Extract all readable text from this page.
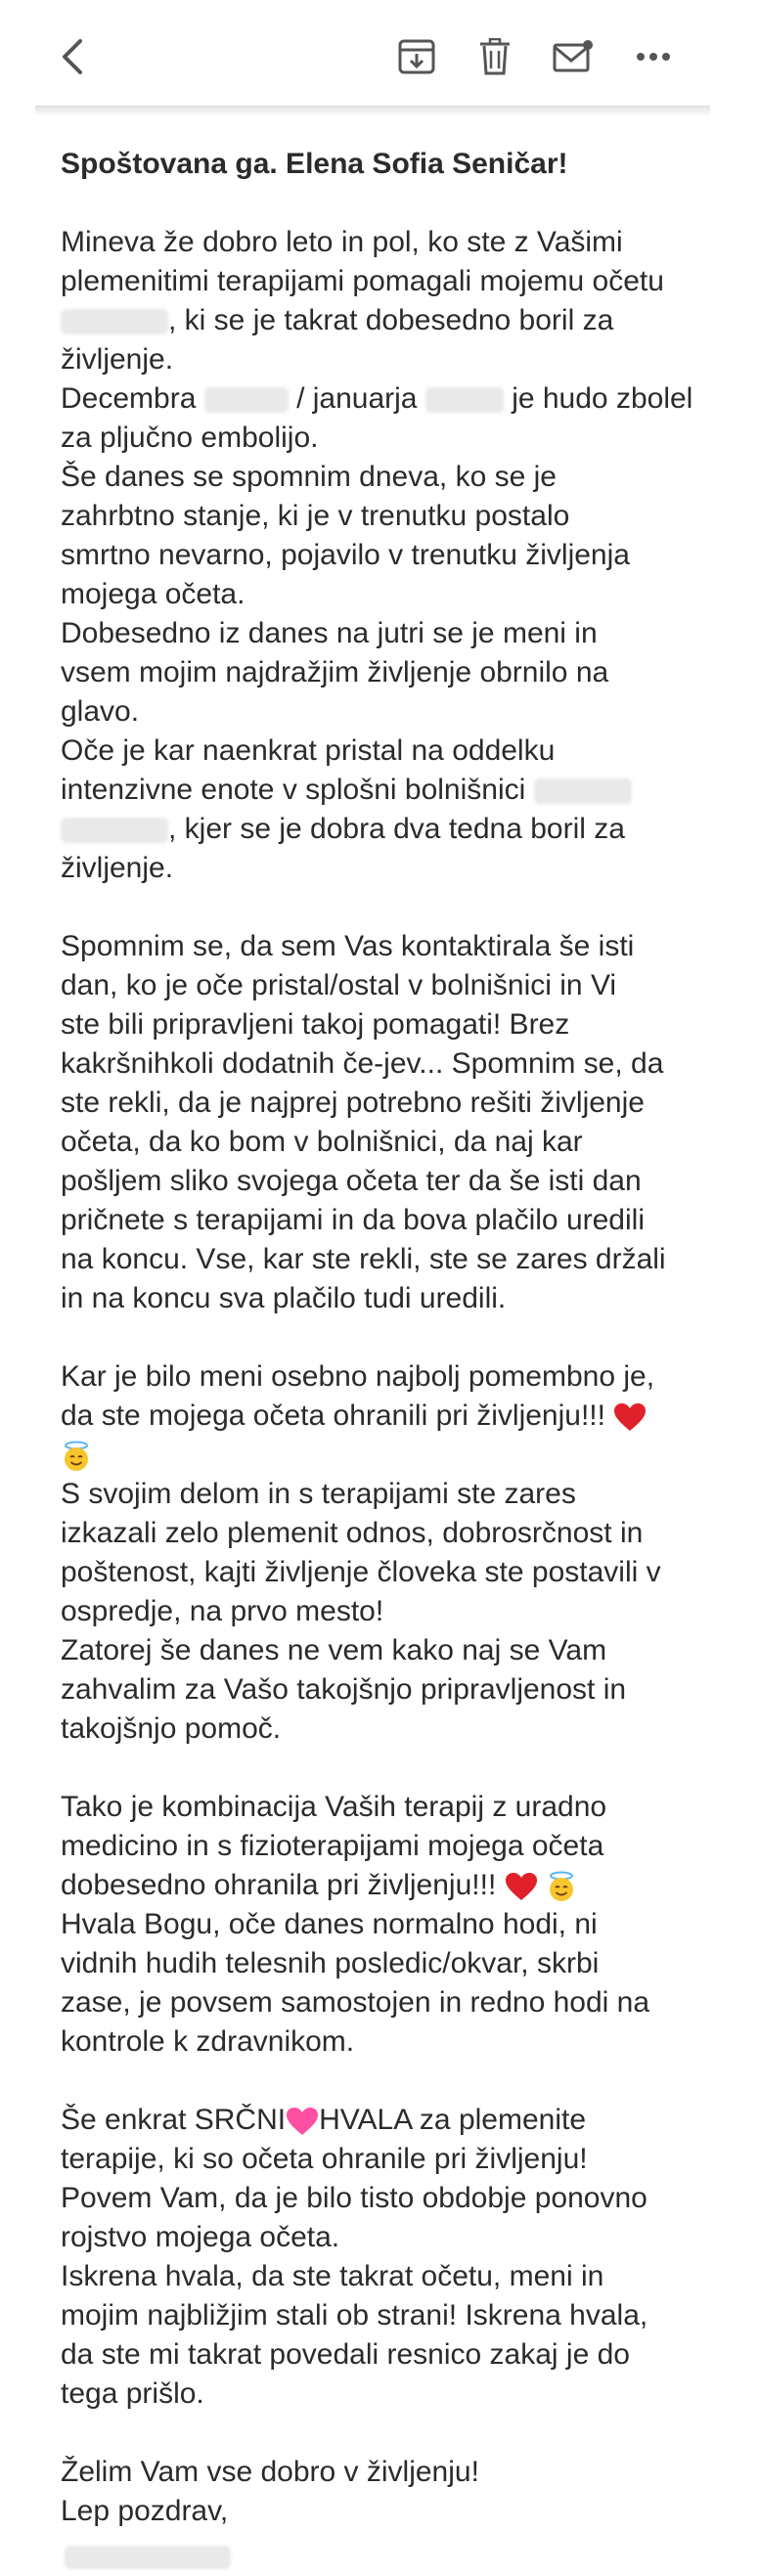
Spoštovana ga. Elena Sofia Seničar!
Mineva že dobro leto in pol, ko ste z Vašimi
plemenitimi terapijami pomagali mojemu očetu
, ki se je takrat dobesedno boril za
življenje.
Decembra	/ januarja	je hudo zbolel
za pljučno embolijo.
Še danes se spomnim dneva, ko se je
zahrbtno stanje, ki je v trenutku postalo
smrtno nevarno, pojavilo v trenutku življenja
mojega očeta.
Dobesedno iz danes na jutri se je meni in
vsem mojim najdražjim življenje obrnilo na
glavo.
Oče je kar naenkrat pristal na oddelku
intenzivne enote v splošni bolnišnici
, kjer se je dobra dva tedna boril za
življenje.
Spomnim se, da sem Vas kontaktirala še isti
dan, ko je oče pristal/ostal v bolnišnici in Vi
ste bili pripravljeni takoj pomagati! Brez
kakršnihkoli dodatnih če-jev... Spomnim se, da
ste rekli, da je najprej potrebno rešiti življenje
očeta, da ko bom v bolnišnici, da naj kar
pošljem sliko svojega očeta ter da še isti dan
pričnete s terapijami in da bova plačilo uredili
na koncu. Vse, kar ste rekli, ste se zares držali
in na koncu sva plačilo tudi uredili.
Kar je bilo meni osebno najbolj pomembno je,
da ste mojega očeta ohranili pri življenju!!!
S svojim delom in s terapijami ste zares
izkazali zelo plemenit odnos, dobrosrčnost in
poštenost, kajti življenje človeka ste postavili v
ospredje, na prvo mesto!
Zatorej še danes ne vem kako naj se Vam
zahvalim za Vašo takojšnjo pripravljenost in
takojšnjo pomoč.
Tako je kombinacija Vaših terapij z uradno
medicino in s fizioterapijami mojega očeta
dobesedno ohranila pri življenju!!!
Hvala Bogu, oče danes normalno hodi, ni
vidnih hudih telesnih posledic/okvar, skrbi
zase, je povsem samostojen in redno hodi na
kontrole k zdravnikom.
Še enkrat SRČNI HVALA za plemenite
terapije, ki so očeta ohranile pri življenju!
Povem Vam, da je bilo tisto obdobje ponovno
rojstvo mojega očeta.
Iskrena hvala, da ste takrat očetu, meni in
mojim najbližjim stali ob strani! Iskrena hvala,
da ste mi takrat povedali resnico zakaj je do
tega prišlo.
Želim Vam vse dobro v življenju!
Lep pozdrav,
